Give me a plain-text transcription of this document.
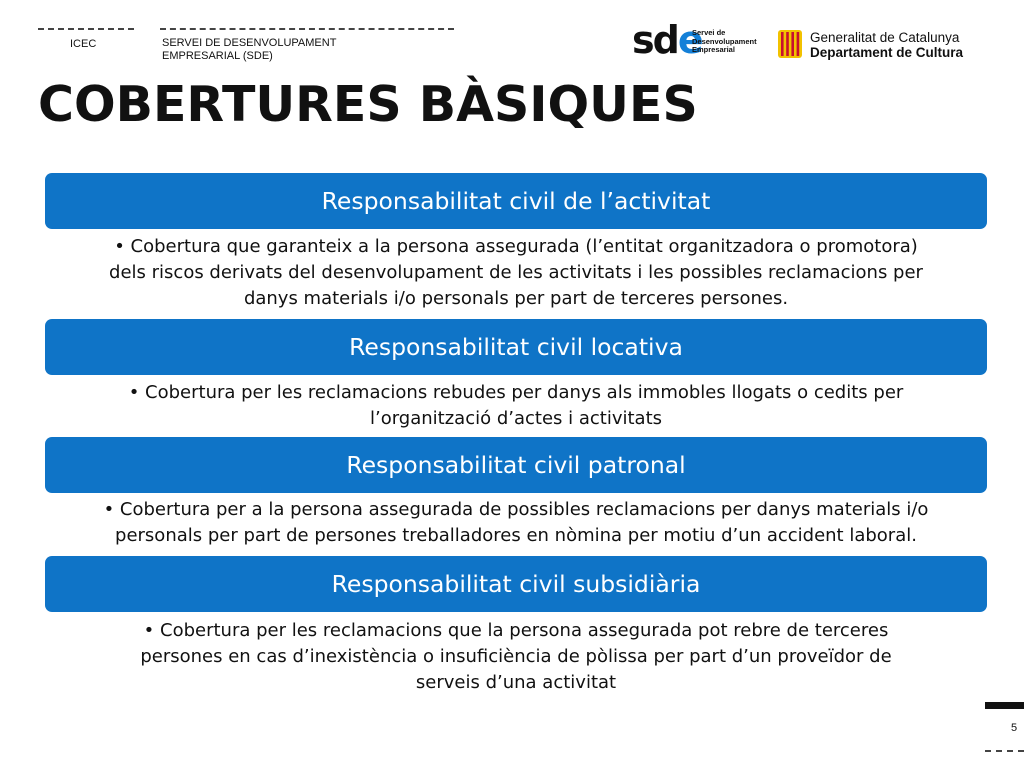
ICEC	SERVEI DE DESENVOLUPAMENT
EMPRESARIAL (SDE)	sde
Servei de
Desenvolupament
Empresarial
Generalitat de Catalunya
Departament de Cultura
COBERTURES BÀSIQUES
Responsabilitat civil de l’activitat
• Cobertura que garanteix a la persona assegurada (l’entitat organitzadora o promotora)
dels riscos derivats del desenvolupament de les activitats i les possibles reclamacions per
danys materials i/o personals per part de terceres persones.
Responsabilitat civil locativa
• Cobertura per les reclamacions rebudes per danys als immobles llogats o cedits per
l’organització d’actes i activitats
Responsabilitat civil patronal
• Cobertura per a la persona assegurada de possibles reclamacions per danys materials i/o
personals per part de persones treballadores en nòmina per motiu d’un accident laboral.
Responsabilitat civil subsidiària
• Cobertura per les reclamacions que la persona assegurada pot rebre de terceres
persones en cas d’inexistència o insuficiència de pòlissa per part d’un proveïdor de
serveis d’una activitat
5
